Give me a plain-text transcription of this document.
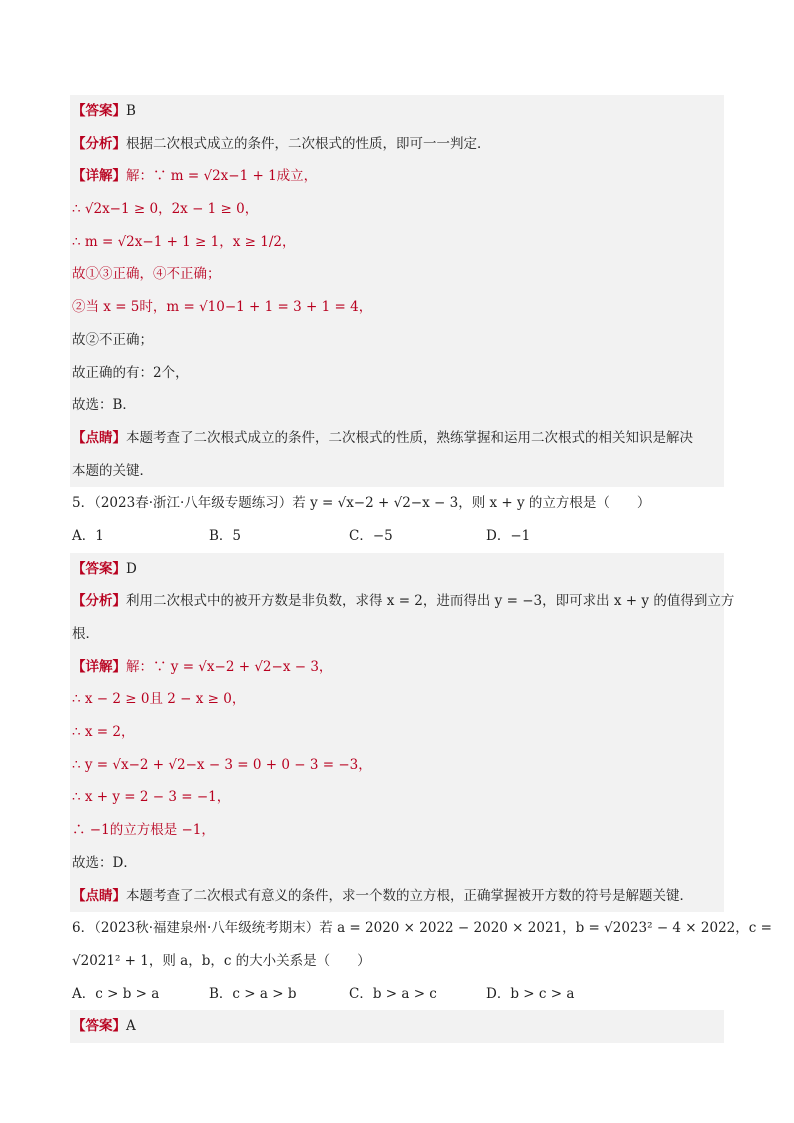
【答案】B
【分析】根据二次根式成立的条件，二次根式的性质，即可一一判定．
【详解】解：∵ m = √2x−1 + 1成立，
∴ √2x−1 ≥ 0，2x − 1 ≥ 0，
∴ m = √2x−1 + 1 ≥ 1，x ≥ 1/2，
故①③正确，④不正确；
②当 x = 5时，m = √10−1 + 1 = 3 + 1 = 4，
故②不正确；
故正确的有：2个，
故选：B．
【点睛】本题考查了二次根式成立的条件，二次根式的性质，熟练掌握和运用二次根式的相关知识是解决
本题的关键．
5．（2023春·浙江·八年级专题练习）若 y = √x−2 + √2−x − 3，则 x + y 的立方根是（　　）
A．1	B．5	C．−5	D．−1
【答案】D
【分析】利用二次根式中的被开方数是非负数，求得 x = 2，进而得出 y = −3，即可求出 x + y 的值得到立方
根．
【详解】解：∵ y = √x−2 + √2−x − 3，
∴ x − 2 ≥ 0且 2 − x ≥ 0，
∴ x = 2，
∴ y = √x−2 + √2−x − 3 = 0 + 0 − 3 = −3，
∴ x + y = 2 − 3 = −1，
∴ −1的立方根是 −1，
故选：D．
【点睛】本题考查了二次根式有意义的条件，求一个数的立方根，正确掌握被开方数的符号是解题关键．
6．（2023秋·福建泉州·八年级统考期末）若 a = 2020 × 2022 − 2020 × 2021，b = √2023² − 4 × 2022，c =
√2021² + 1，则 a，b，c 的大小关系是（　　）
A．c > b > a	B．c > a > b	C．b > a > c	D．b > c > a
【答案】A
